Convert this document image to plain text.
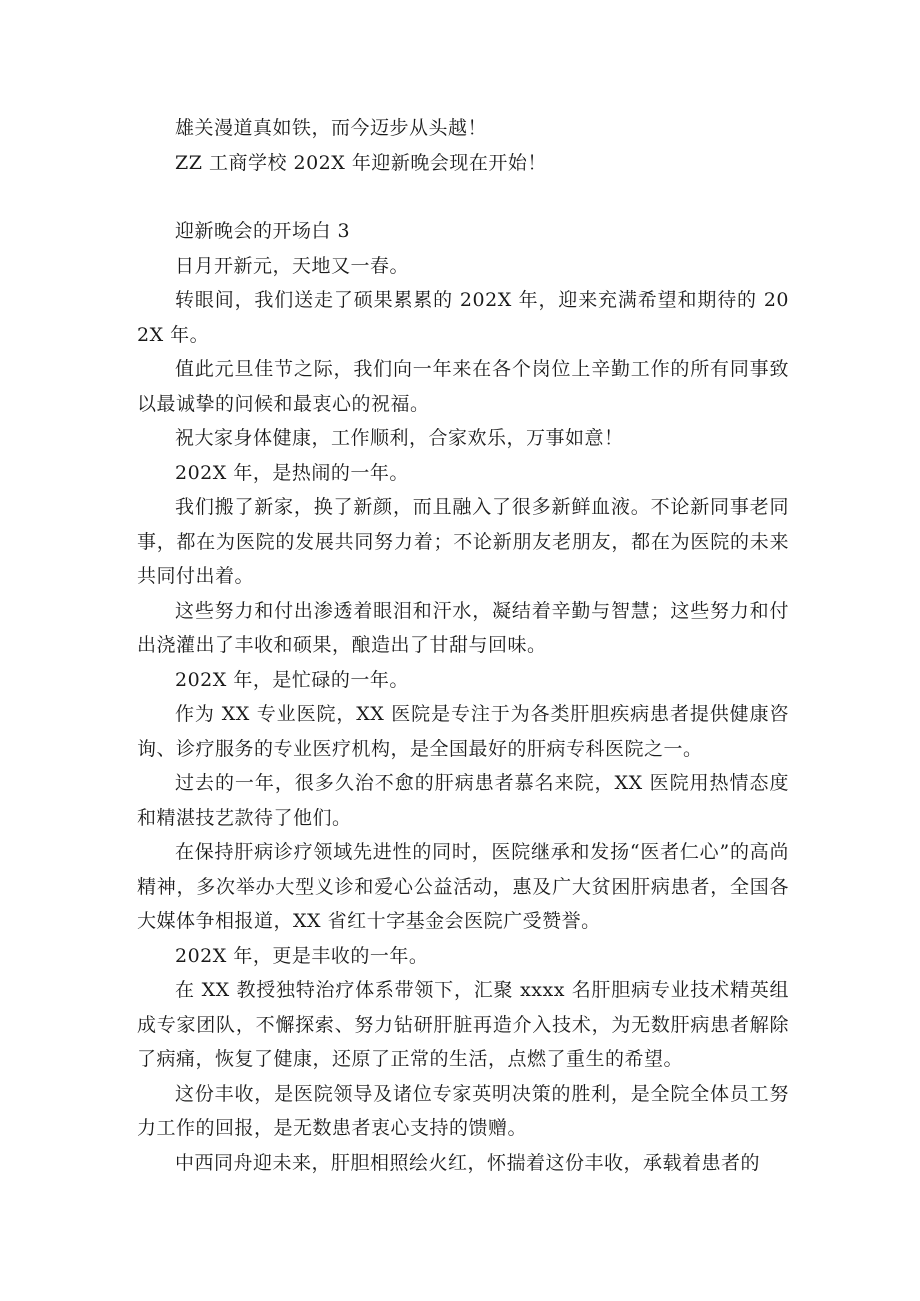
雄关漫道真如铁，而今迈步从头越！

ZZ 工商学校 202X 年迎新晚会现在开始！

迎新晚会的开场白 3

日月开新元，天地又一春。

转眼间，我们送走了硕果累累的 202X 年，迎来充满希望和期待的 202X 年。

值此元旦佳节之际，我们向一年来在各个岗位上辛勤工作的所有同事致以最诚挚的问候和最衷心的祝福。

祝大家身体健康，工作顺利，合家欢乐，万事如意！

202X 年，是热闹的一年。

我们搬了新家，换了新颜，而且融入了很多新鲜血液。不论新同事老同事，都在为医院的发展共同努力着；不论新朋友老朋友，都在为医院的未来共同付出着。

这些努力和付出渗透着眼泪和汗水，凝结着辛勤与智慧；这些努力和付出浇灌出了丰收和硕果，酿造出了甘甜与回味。

202X 年，是忙碌的一年。

作为 XX 专业医院，XX 医院是专注于为各类肝胆疾病患者提供健康咨询、诊疗服务的专业医疗机构，是全国最好的肝病专科医院之一。

过去的一年，很多久治不愈的肝病患者慕名来院，XX 医院用热情态度和精湛技艺款待了他们。

在保持肝病诊疗领域先进性的同时，医院继承和发扬“医者仁心”的高尚精神，多次举办大型义诊和爱心公益活动，惠及广大贫困肝病患者，全国各大媒体争相报道，XX 省红十字基金会医院广受赞誉。

202X 年，更是丰收的一年。

在 XX 教授独特治疗体系带领下，汇聚 xxxx 名肝胆病专业技术精英组成专家团队，不懈探索、努力钻研肝脏再造介入技术，为无数肝病患者解除了病痛，恢复了健康，还原了正常的生活，点燃了重生的希望。

这份丰收，是医院领导及诸位专家英明决策的胜利，是全院全体员工努力工作的回报，是无数患者衷心支持的馈赠。

中西同舟迎未来，肝胆相照绘火红，怀揣着这份丰收，承载着患者的
